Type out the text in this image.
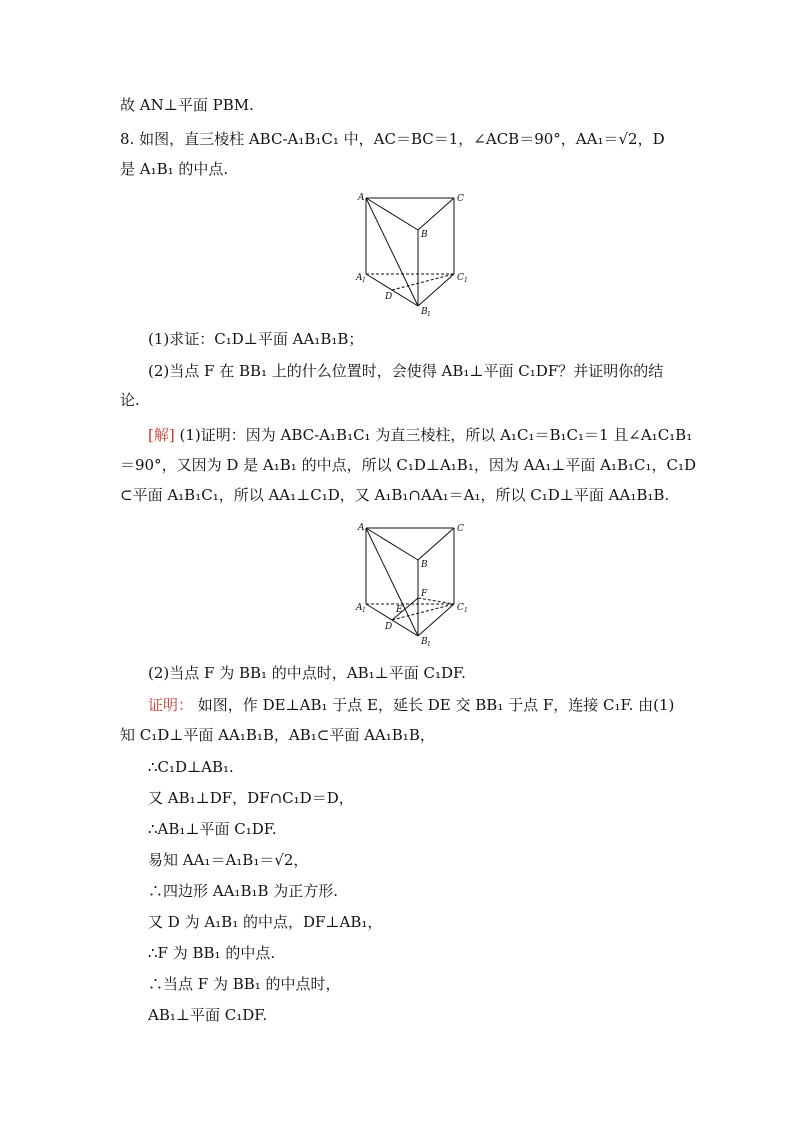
故 AN⊥平面 PBM.
8. 如图，直三棱柱 ABC-A₁B₁C₁ 中，AC＝BC＝1，∠ACB＝90°，AA₁＝√2，D
是 A₁B₁ 的中点.
A	C
B
A 1	C 1
D
B 1
(1)求证：C₁D⊥平面 AA₁B₁B；
(2)当点 F 在 BB₁ 上的什么位置时，会使得 AB₁⊥平面 C₁DF？并证明你的结
论.
[解] (1)证明：因为 ABC-A₁B₁C₁ 为直三棱柱，所以 A₁C₁＝B₁C₁＝1 且∠A₁C₁B₁
＝90°，又因为 D 是 A₁B₁ 的中点，所以 C₁D⊥A₁B₁，因为 AA₁⊥平面 A₁B₁C₁，C₁D
⊂平面 A₁B₁C₁，所以 AA₁⊥C₁D，又 A₁B₁∩AA₁＝A₁，所以 C₁D⊥平面 AA₁B₁B.
A	C
B
A 1	C 1
D
E
F
B 1
(2)当点 F 为 BB₁ 的中点时，AB₁⊥平面 C₁DF.
证明： 如图，作 DE⊥AB₁ 于点 E，延长 DE 交 BB₁ 于点 F，连接 C₁F. 由(1)
知 C₁D⊥平面 AA₁B₁B，AB₁⊂平面 AA₁B₁B，
∴C₁D⊥AB₁.
又 AB₁⊥DF，DF∩C₁D＝D，
∴AB₁⊥平面 C₁DF.
易知 AA₁＝A₁B₁＝√2，
∴四边形 AA₁B₁B 为正方形.
又 D 为 A₁B₁ 的中点，DF⊥AB₁，
∴F 为 BB₁ 的中点.
∴当点 F 为 BB₁ 的中点时，
AB₁⊥平面 C₁DF.
